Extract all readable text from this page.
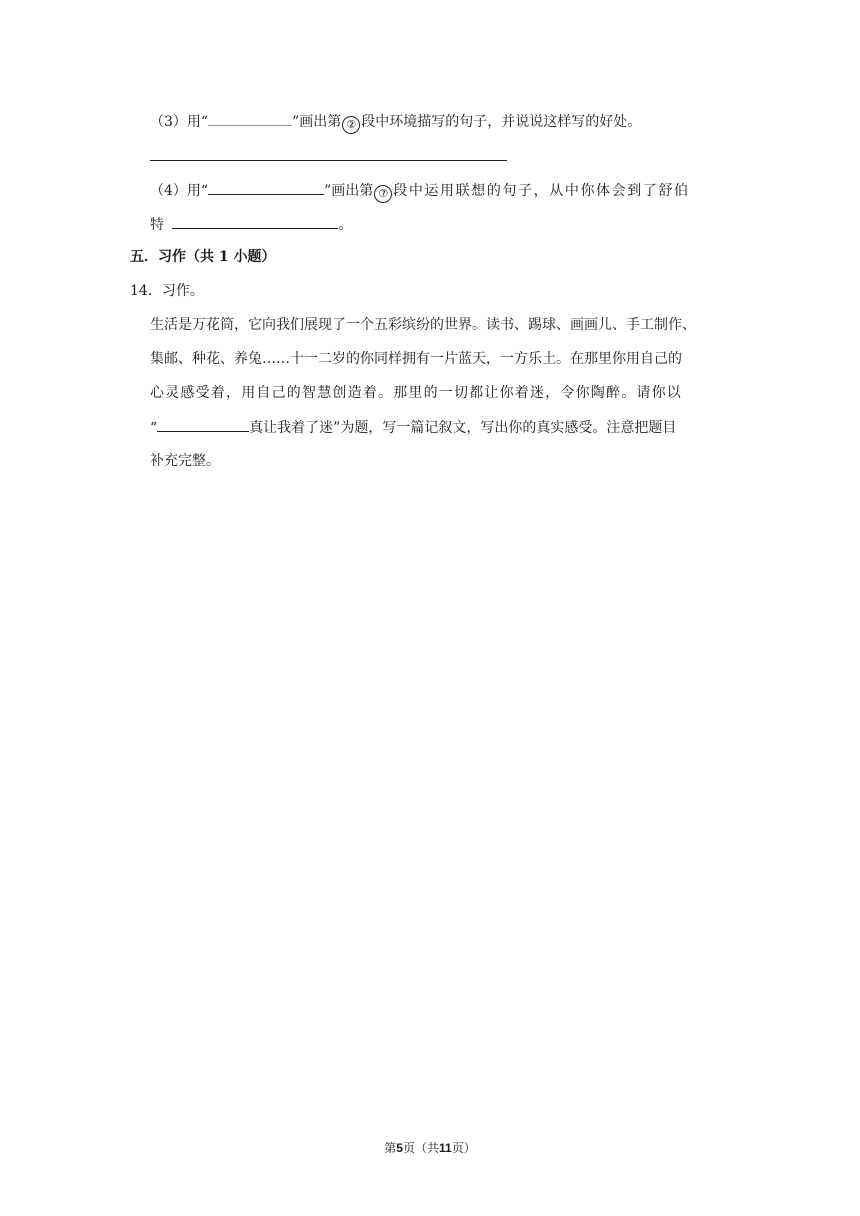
（3）用“	”画出第 ② 段中环境描写的句子，并说说这样写的好处。
（4）用“	”画出第 ⑦ 段中运用联想的句子，从中你体会到了舒伯
特	。
五．习作（共 1 小题）
14．习作。
生活是万花筒，它向我们展现了一个五彩缤纷的世界。读书、踢球、画画儿、手工制作、
集邮、种花、养兔……十一二岁的你同样拥有一片蓝天，一方乐土。在那里你用自己的
心灵感受着，用自己的智慧创造着。那里的一切都让你着迷，令你陶醉。请你以
“	真让我着了迷”为题，写一篇记叙文，写出你的真实感受。注意把题目
补充完整。
第5页（共11页）
